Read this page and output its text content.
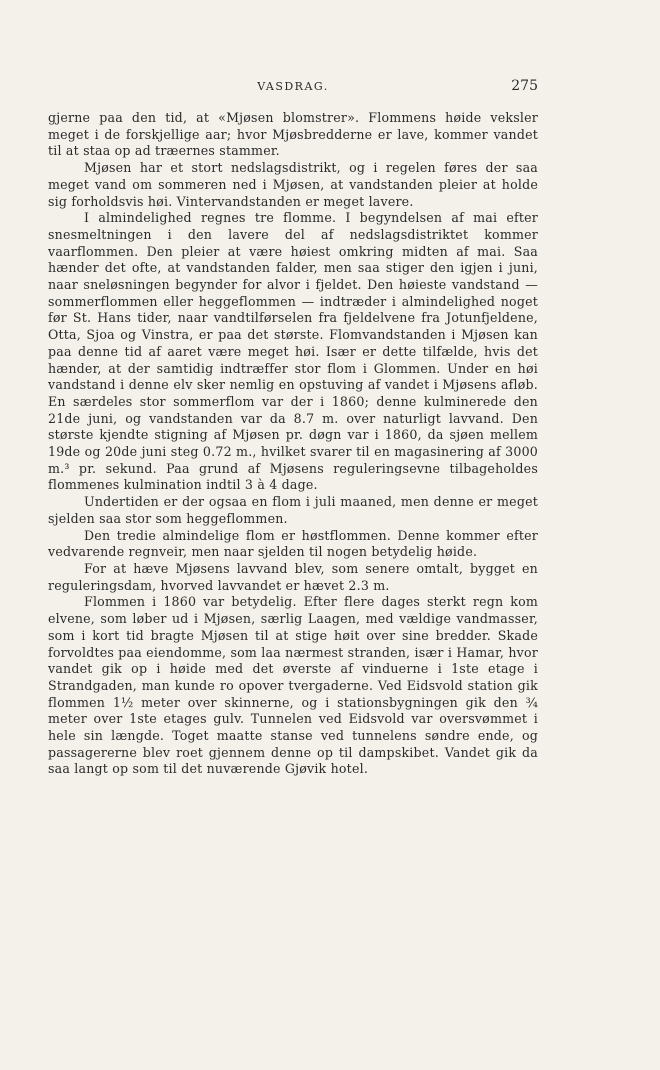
VASDRAG.	275

gjerne paa den tid, at «Mjøsen blomstrer». Flommens høide veksler meget i de forskjellige aar; hvor Mjøsbredderne er lave, kommer vandet til at staa op ad træernes stammer.

Mjøsen har et stort nedslagsdistrikt, og i regelen føres der saa meget vand om sommeren ned i Mjøsen, at vandstanden pleier at holde sig forholdsvis høi. Vintervandstanden er meget lavere.

I almindelighed regnes tre flomme. I begyndelsen af mai efter snesmeltningen i den lavere del af nedslagsdistriktet kommer vaarflommen. Den pleier at være høiest omkring midten af mai. Saa hænder det ofte, at vandstanden falder, men saa stiger den igjen i juni, naar sneløsningen begynder for alvor i fjeldet. Den høieste vandstand — sommerflommen eller heggeflommen — indtræder i almindelighed noget før St. Hans tider, naar vandtilførselen fra fjeldelvene fra Jotunfjeldene, Otta, Sjoa og Vinstra, er paa det største. Flomvandstanden i Mjøsen kan paa denne tid af aaret være meget høi. Især er dette tilfælde, hvis det hænder, at der samtidig indtræffer stor flom i Glommen. Under en høi vandstand i denne elv sker nemlig en opstuving af vandet i Mjøsens afløb. En særdeles stor sommerflom var der i 1860; denne kulminerede den 21de juni, og vandstanden var da 8.7 m. over naturligt lavvand. Den største kjendte stigning af Mjøsen pr. døgn var i 1860, da sjøen mellem 19de og 20de juni steg 0.72 m., hvilket svarer til en magasinering af 3000 m.³ pr. sekund. Paa grund af Mjøsens reguleringsevne tilbageholdes flommenes kulmination indtil 3 à 4 dage.

Undertiden er der ogsaa en flom i juli maaned, men denne er meget sjelden saa stor som heggeflommen.

Den tredie almindelige flom er høstflommen. Denne kommer efter vedvarende regnveir, men naar sjelden til nogen betydelig høide.

For at hæve Mjøsens lavvand blev, som senere omtalt, bygget en reguleringsdam, hvorved lavvandet er hævet 2.3 m.

Flommen i 1860 var betydelig. Efter flere dages sterkt regn kom elvene, som løber ud i Mjøsen, særlig Laagen, med vældige vandmasser, som i kort tid bragte Mjøsen til at stige høit over sine bredder. Skade forvoldtes paa eiendomme, som laa nærmest stranden, især i Hamar, hvor vandet gik op i høide med det øverste af vinduerne i 1ste etage i Strandgaden, man kunde ro opover tvergaderne. Ved Eidsvold station gik flommen 1½ meter over skinnerne, og i stationsbygningen gik den ¾ meter over 1ste etages gulv. Tunnelen ved Eidsvold var oversvømmet i hele sin længde. Toget maatte stanse ved tunnelens søndre ende, og passagererne blev roet gjennem denne op til dampskibet. Vandet gik da saa langt op som til det nuværende Gjøvik hotel.
